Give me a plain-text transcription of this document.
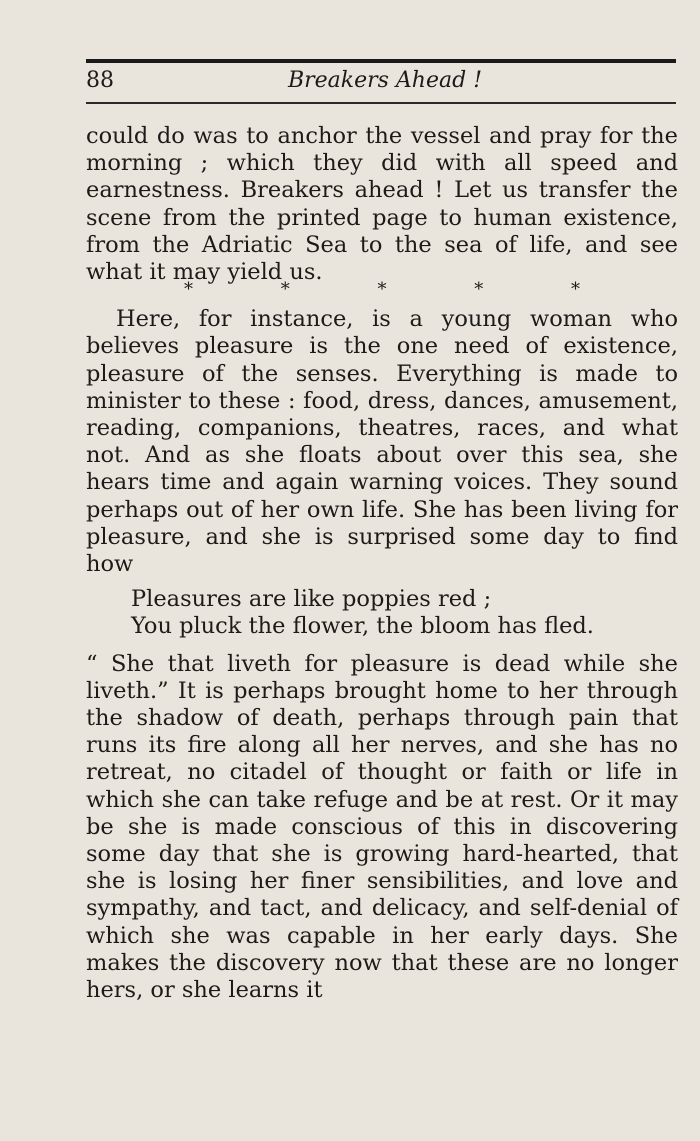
88	Breakers Ahead !

could do was to anchor the vessel and pray for the morning ; which they did with all speed and earnestness. Breakers ahead ! Let us transfer the scene from the printed page to human existence, from the Adriatic Sea to the sea of life, and see what it may yield us.

*	*	*	*	*

Here, for instance, is a young woman who believes pleasure is the one need of existence, pleasure of the senses. Everything is made to minister to these : food, dress, dances, amusement, reading, companions, theatres, races, and what not. And as she floats about over this sea, she hears time and again warning voices. They sound perhaps out of her own life. She has been living for pleasure, and she is surprised some day to find how

Pleasures are like poppies red ;
You pluck the flower, the bloom has fled.

“ She that liveth for pleasure is dead while she liveth.” It is perhaps brought home to her through the shadow of death, perhaps through pain that runs its fire along all her nerves, and she has no retreat, no citadel of thought or faith or life in which she can take refuge and be at rest. Or it may be she is made conscious of this in discovering some day that she is growing hard-hearted, that she is losing her finer sensibilities, and love and sympathy, and tact, and delicacy, and self-denial of which she was capable in her early days. She makes the discovery now that these are no longer hers, or she learns it
